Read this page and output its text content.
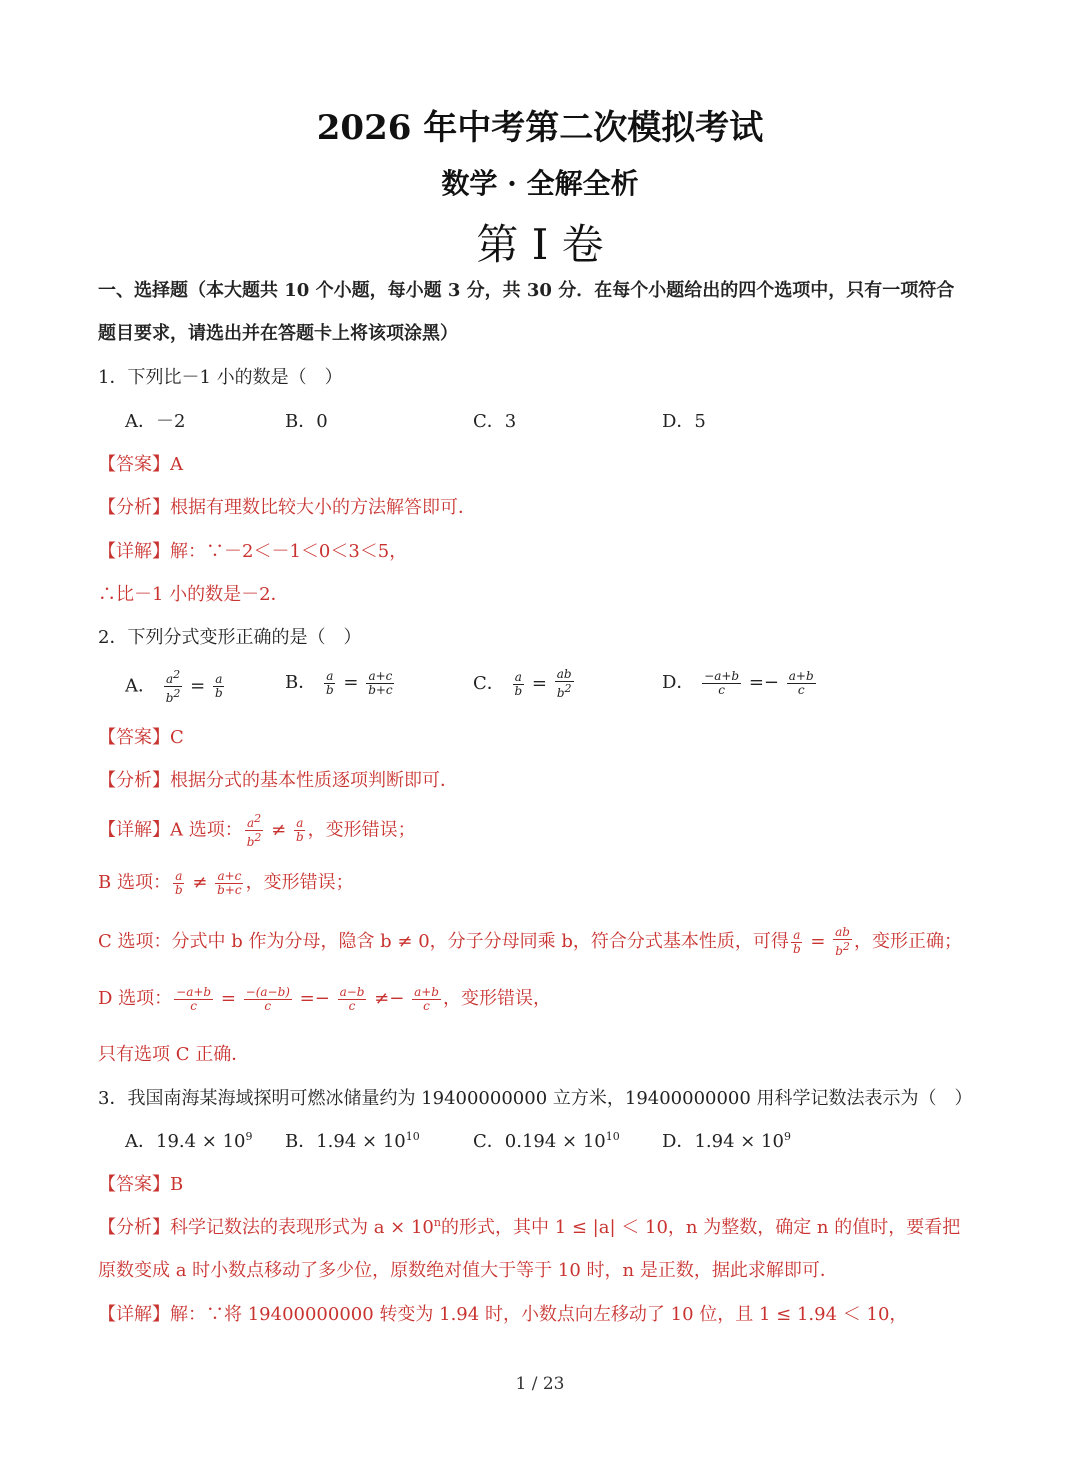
2026 年中考第二次模拟考试
数学 · 全解全析
第 I 卷
一、选择题（本大题共 10 个小题，每小题 3 分，共 30 分．在每个小题给出的四个选项中，只有一项符合
题目要求，请选出并在答题卡上将该项涂黑）
1．下列比－1 小的数是（　）
A．－2	B．0	C．3	D．5
【答案】A
【分析】根据有理数比较大小的方法解答即可．
【详解】解：∵－2＜－1＜0＜3＜5，
∴比－1 小的数是－2．
2．下列分式变形正确的是（　）
A． $\frac{a^2}{b^2} = \frac{a}{b}$	B． $\frac{a}{b} = \frac{a+c}{b+c}$	C． $\frac{a}{b} = \frac{ab}{b^2}$	D． $\frac{-a+b}{c} =- \frac{a+b}{c}$
【答案】C
【分析】根据分式的基本性质逐项判断即可．
【详解】A 选项： $\frac{a^2}{b^2} \ne \frac{a}{b}$ ，变形错误；
B 选项： $\frac{a}{b} \ne \frac{a+c}{b+c}$ ，变形错误；
C 选项：分式中 b 作为分母，隐含 b ≠ 0，分子分母同乘 b，符合分式基本性质，可得 $\frac{a}{b} = \frac{ab}{b^2}$ ，变形正确；
D 选项： $\frac{-a+b}{c} = \frac{-(a-b)}{c} =- \frac{a-b}{c} \ne- \frac{a+b}{c}$ ，变形错误，
只有选项 C 正确．
3．我国南海某海域探明可燃冰储量约为 19400000000 立方米，19400000000 用科学记数法表示为（　）
A．$19.4 \times 10^9$ B．$1.94 \times 10^{10}$	C．$0.194 \times 10^{10}$ D．$1.94 \times 10^9$
【答案】B
【分析】科学记数法的表现形式为 $a \times 10^n$的形式，其中 1 ≤ |a| ＜ 10，n 为整数，确定 n 的值时，要看把
原数变成 a 时小数点移动了多少位，原数绝对值大于等于 10 时，n 是正数，据此求解即可．
【详解】解：∵将 19400000000 转变为 1.94 时，小数点向左移动了 10 位，且 1 ≤ 1.94 ＜ 10，
1 / 23
